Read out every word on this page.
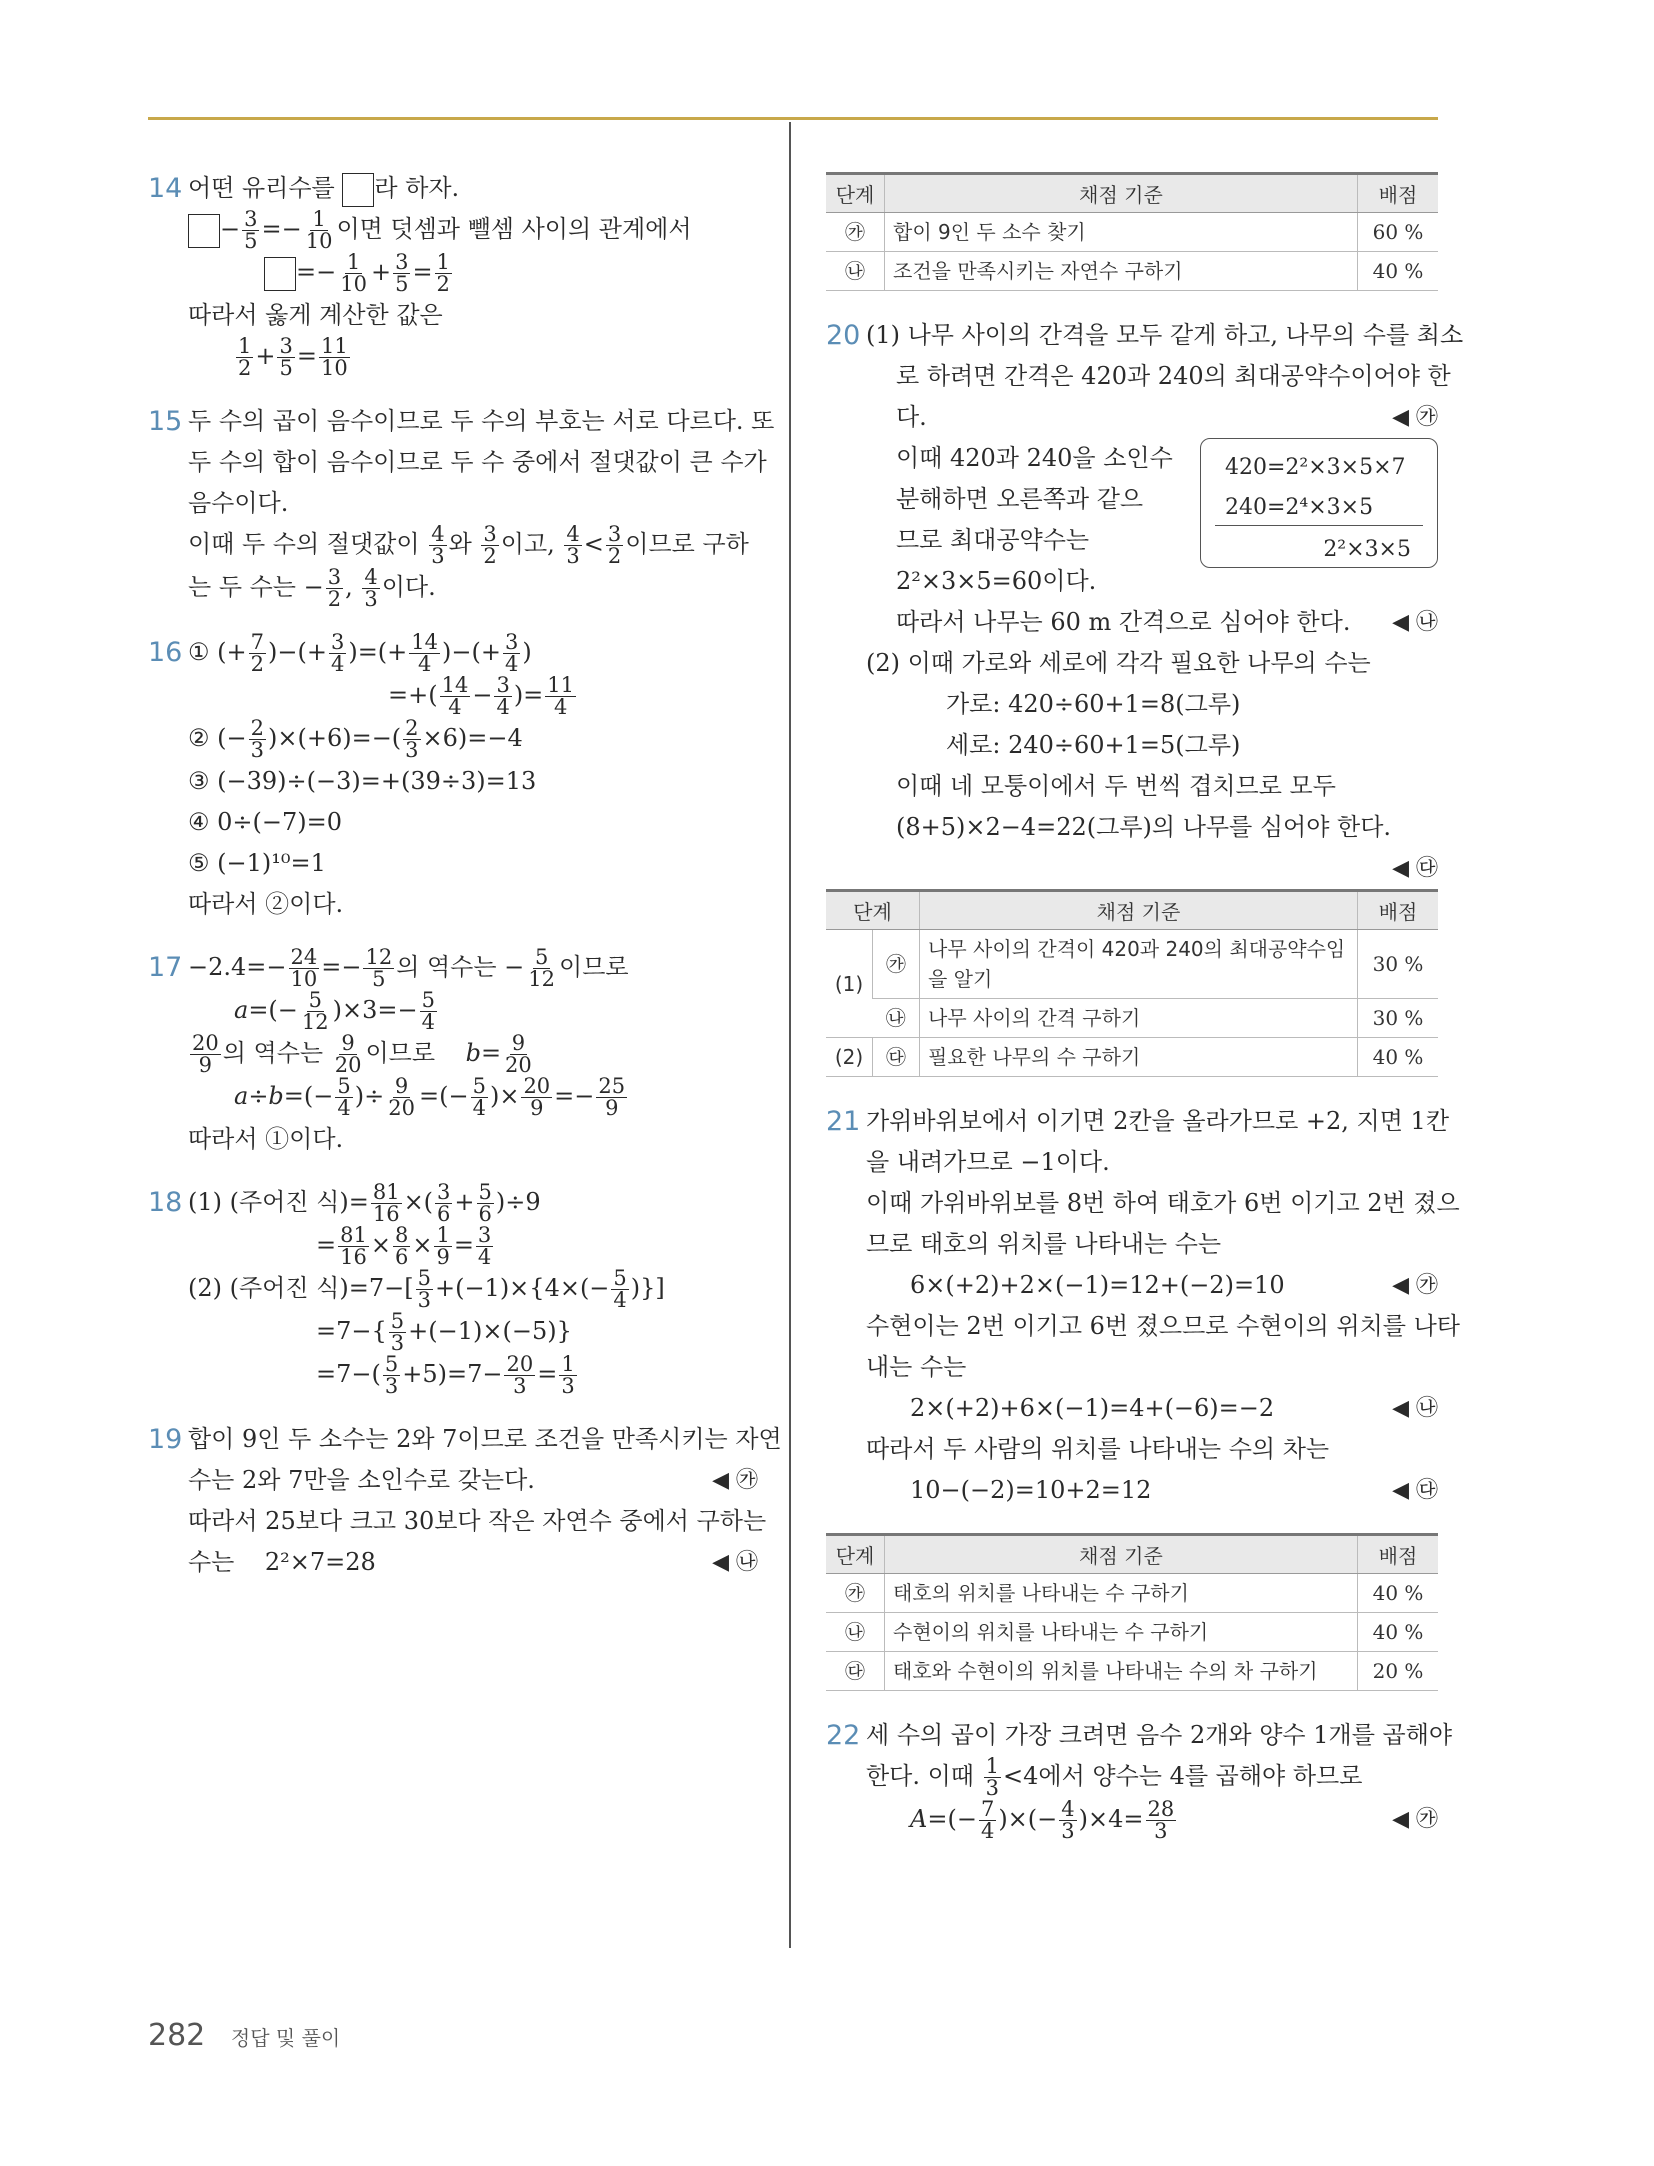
14 어떤 유리수를 라 하자.
− $\frac{3}{5} =- \frac{1}{10}$ 이면 덧셈과 뺄셈 사이의 관계에서
=− $\frac{1}{10} + \frac{3}{5} = \frac{1}{2}$
따라서 옳게 계산한 값은
$\frac{1}{2} + \frac{3}{5} = \frac{11}{10}$
15 두 수의 곱이 음수이므로 두 수의 부호는 서로 다르다. 또
두 수의 합이 음수이므로 두 수 중에서 절댓값이 큰 수가
음수이다.
이때 두 수의 절댓값이 $\frac{4}{3}$ 와 $\frac{3}{2}$ 이고, $\frac{4}{3} < \frac{3}{2}$ 이므로 구하
는 두 수는 − $\frac{3}{2}$ , $\frac{4}{3}$ 이다.
16 ① (+ $\frac{7}{2}$ )−(+ $\frac{3}{4}$ )=(+ $\frac{14}{4}$ )−(+ $\frac{3}{4}$ )
=+( $\frac{14}{4} - \frac{3}{4}$ )= $\frac{11}{4}$
② (− $\frac{2}{3} )\times(+6)=-( \frac{2}{3} \times 6)=-4$
③ (−39)÷(−3)=+(39÷3)=13
④ 0÷(−7)=0
⑤ (−1)¹⁰=1
따라서 ②이다.
$17 -2.4=- \frac{24}{10} =- \frac{12}{5}$ 의 역수는 − $\frac{5}{12}$ 이므로
$a=(- \frac{5}{12} )\times 3=- \frac{5}{4}$
$\frac{20}{9}$ 의 역수는 $\frac{9}{20}$ 이므로 $b= \frac{9}{20}$
$a\div b=(- \frac{5}{4}$ )÷ $\frac{9}{20}$ =(− $\frac{5}{4}$ )× $\frac{20}{9} =- \frac{25}{9}$
따라서 ①이다.
18 (1) (주어진 식)= $\frac{81}{16}$ ×( $\frac{3}{6} + \frac{5}{6} )\div 9$
= $\frac{81}{16} \times \frac{8}{6} \times \frac{1}{9} = \frac{3}{4}$
(2) (주어진 식)$=7-[ \frac{5}{3} +(-1)\times\{4\times(- \frac{5}{4}$ )}]
$=7-\{ \frac{5}{3} +(-1)\times(-5)\}$
$=7-( \frac{5}{3} +5)=7- \frac{20}{3} = \frac{1}{3}$
19 합이 9인 두 소수는 2와 7이므로 조건을 만족시키는 자연
수는 2와 7만을 소인수로 갖는다.	◀ ㉮
따라서 25보다 크고 30보다 작은 자연수 중에서 구하는
수는 2²×7=28	◀ ㉯
단계	채점 기준	배점
㉮	합이 9인 두 소수 찾기	60 %
㉯	조건을 만족시키는 자연수 구하기	40 %
20 (1) 나무 사이의 간격을 모두 같게 하고, 나무의 수를 최소
로 하려면 간격은 420과 240의 최대공약수이어야 한
다.	◀ ㉮
이때 420과 240을 소인수
분해하면 오른쪽과 같으
므로 최대공약수는
2²×3×5=60이다.
420=2²×3×5×7
240=2⁴×3×5
2²×3×5
따라서 나무는 60 m 간격으로 심어야 한다. ◀ ㉯
(2) 이때 가로와 세로에 각각 필요한 나무의 수는
가로: 420÷60+1=8(그루)
세로: 240÷60+1=5(그루)
이때 네 모퉁이에서 두 번씩 겹치므로 모두
(8+5)×2−4=22(그루)의 나무를 심어야 한다.
◀ ㉰
단계		채점 기준	배점
(1)	㉮	나무 사이의 간격이 420과 240의 최대공약수임을 알기	30 %
	㉯	나무 사이의 간격 구하기	30 %
(2)	㉰	필요한 나무의 수 구하기	40 %
21 가위바위보에서 이기면 2칸을 올라가므로 +2, 지면 1칸
을 내려가므로 −1이다.
이때 가위바위보를 8번 하여 태호가 6번 이기고 2번 졌으
므로 태호의 위치를 나타내는 수는
6×(+2)+2×(−1)=12+(−2)=10	◀ ㉮
수현이는 2번 이기고 6번 졌으므로 수현이의 위치를 나타
내는 수는
2×(+2)+6×(−1)=4+(−6)=−2	◀ ㉯
따라서 두 사람의 위치를 나타내는 수의 차는
10−(−2)=10+2=12	◀ ㉰
단계	채점 기준	배점
㉮	태호의 위치를 나타내는 수 구하기	40 %
㉯	수현이의 위치를 나타내는 수 구하기	40 %
㉰	태호와 수현이의 위치를 나타내는 수의 차 구하기	20 %
22 세 수의 곱이 가장 크려면 음수 2개와 양수 1개를 곱해야
한다. 이때 $\frac{1}{3} <4$에서 양수는 4를 곱해야 하므로
$A=(- \frac{7}{4}$ )×(− $\frac{4}{3} )\times 4= \frac{28}{3}$	◀ ㉮
282 정답 및 풀이
